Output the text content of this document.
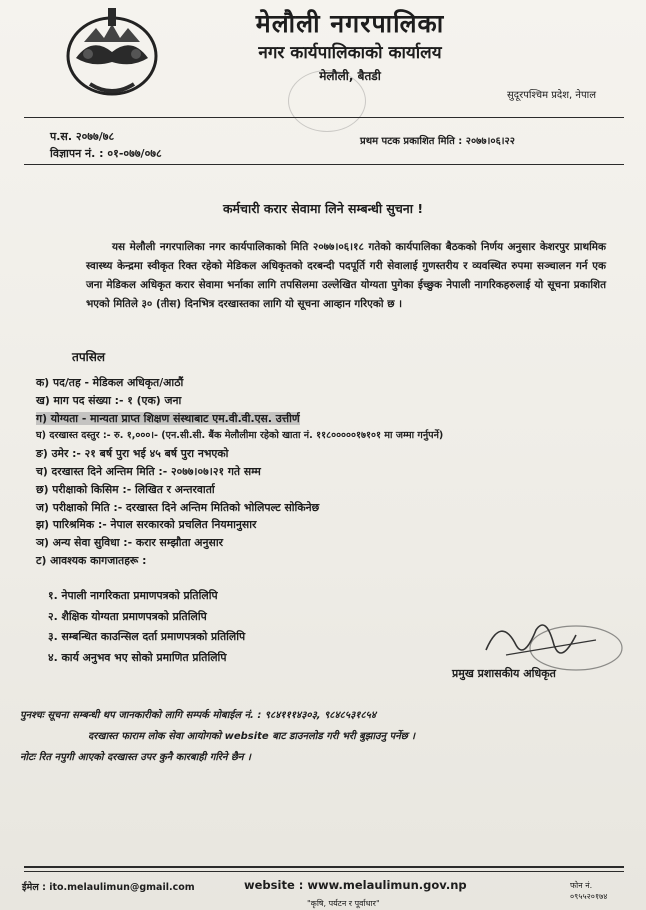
मेलौली नगरपालिका
नगर कार्यपालिकाको कार्यालय
मेलौली, बैतडी
सुदूरपश्चिम प्रदेश, नेपाल
प.स. २०७७/७८
विज्ञापन नं. : ०१-०७७/०७८
प्रथम पटक प्रकाशित मिति : २०७७।०६।२२
कर्मचारी करार सेवामा लिने सम्बन्धी सुचना !
यस मेलौली नगरपालिका नगर कार्यपालिकाको मिति २०७७।०६।१८ गतेको कार्यपालिका बैठकको निर्णय अनुसार केशरपुर प्राथमिक स्वास्थ्य केन्द्रमा स्वीकृत रिक्त रहेको मेडिकल अधिकृतको दरबन्दी पदपूर्ति गरी सेवालाई गुणस्तरीय र व्यवस्थित रुपमा सञ्चालन गर्न एक जना मेडिकल अधिकृत करार सेवामा भर्नाका लागि तपसिलमा उल्लेखित योग्यता पुगेका ईच्छुक नेपाली नागरिकहरुलाई यो सूचना प्रकाशित भएको मितिले ३० (तीस) दिनभित्र दरखास्तका लागि यो सूचना आव्हान गरिएको छ ।
तपसिल
क) पद/तह - मेडिकल अधिकृत/आठौं
ख) माग पद संख्या :- १ (एक) जना
ग) योग्यता - मान्यता प्राप्त शिक्षण संस्थाबाट एम.वी.वी.एस. उत्तीर्ण
घ) दरखास्त दस्तुर :- रु. १,०००।- (एन.सी.सी. बैंक मेलौलीमा रहेको खाता नं. ११८०००००१७१०१ मा जम्मा गर्नुपर्ने)
ङ) उमेर :- २१ बर्ष पुरा भई ४५ बर्ष पुरा नभएको
च) दरखास्त दिने अन्तिम मिति :- २०७७।०७।२१ गते सम्म
छ) परीक्षाको किसिम :- लिखित र अन्तरवार्ता
ज) परीक्षाको मिति :- दरखास्त दिने अन्तिम मितिको भोलिपल्ट सोकिनेछ
झ) पारिश्रमिक :- नेपाल सरकारको प्रचलित नियमानुसार
ञ) अन्य सेवा सुविधा :- करार सम्झौता अनुसार
ट) आवश्यक कागजातहरू :
१. नेपाली नागरिकता प्रमाणपत्रको प्रतिलिपि
२. शैक्षिक योग्यता प्रमाणपत्रको प्रतिलिपि
३. सम्बन्धित काउन्सिल दर्ता प्रमाणपत्रको प्रतिलिपि
४. कार्य अनुभव भए सोको प्रमाणित प्रतिलिपि
प्रमुख प्रशासकीय अधिकृत
पुनश्चः सूचना सम्बन्धी थप जानकारीको लागि सम्पर्क मोबाईल नं. : ९८४१११४३०३, ९८४८५३१८५४
दरखास्त फाराम लोक सेवा आयोगको website बाट डाउनलोड गरी भरी बुझाउनु पर्नेछ ।
नोटः रित नपुगी आएको दरखास्त उपर कुनै कारबाही गरिने छैन ।
ईमेल : ito.melaulimun@gmail.com	website : www.melaulimun.gov.np	फोन नं. ०९५५२०१७४
"कृषि, पर्यटन र पूर्वाधार"
